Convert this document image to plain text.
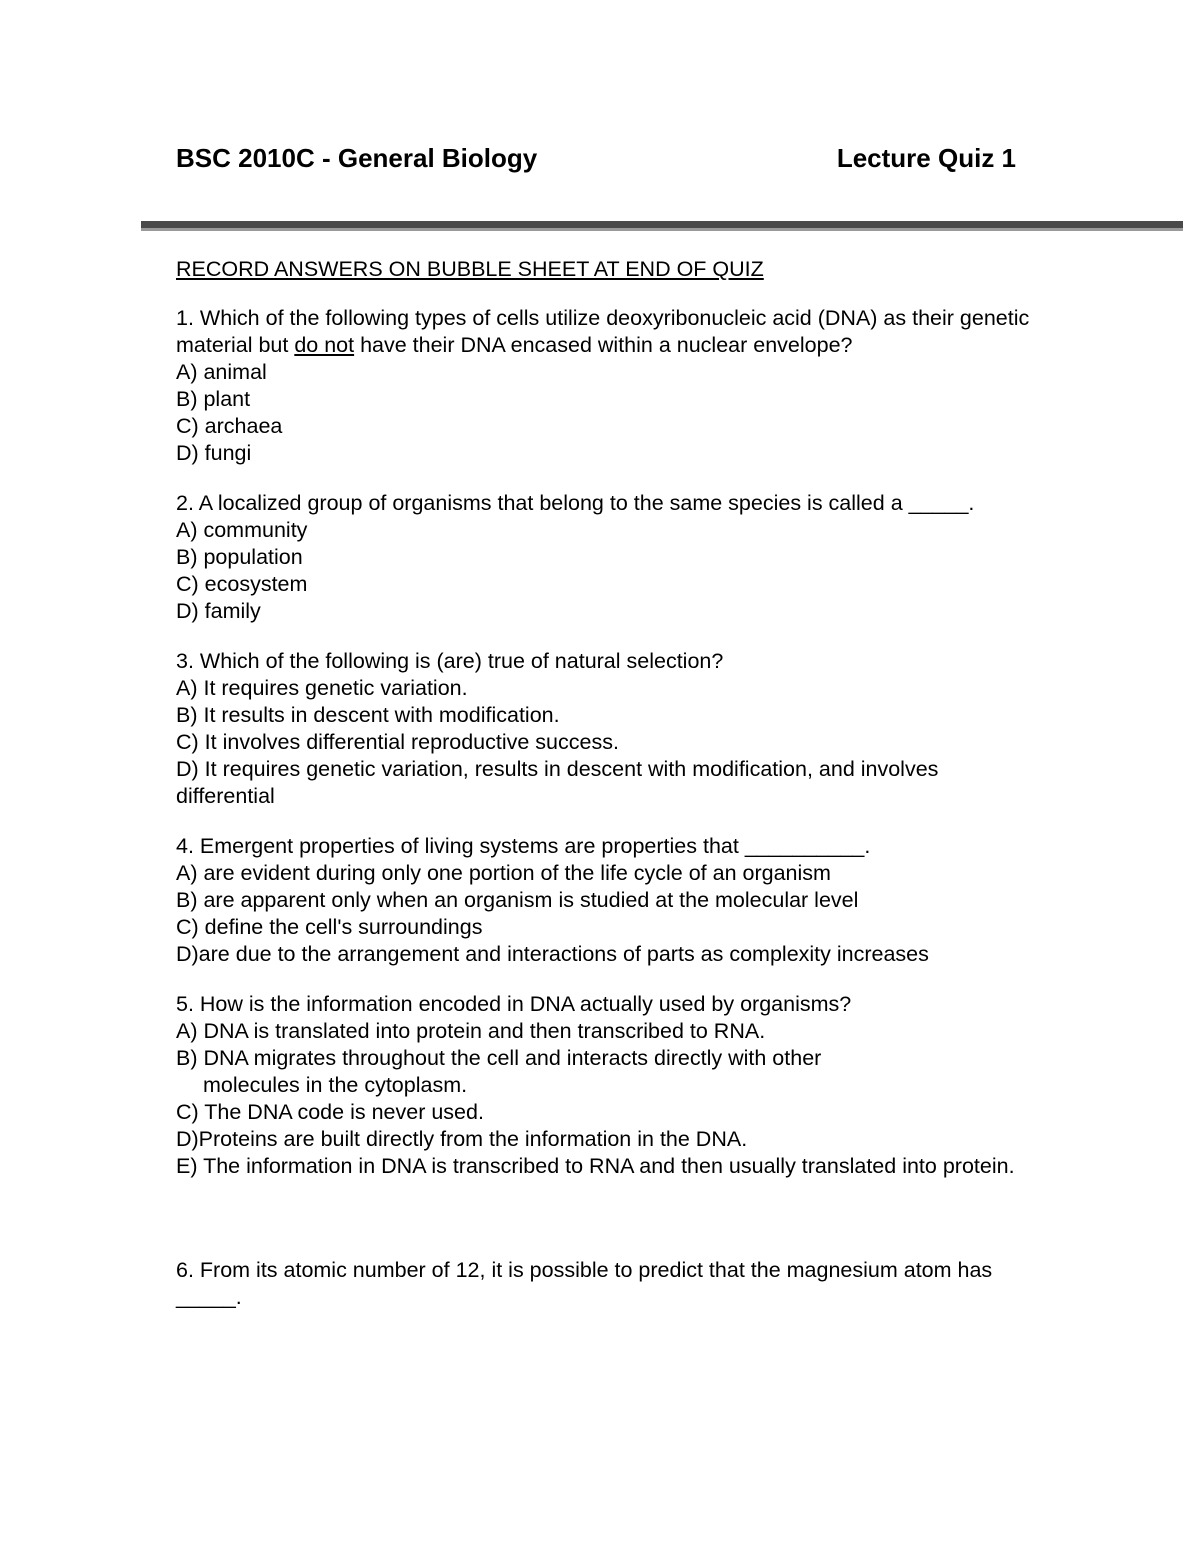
BSC 2010C - General Biology	Lecture Quiz 1
RECORD ANSWERS ON BUBBLE SHEET AT END OF QUIZ

1. Which of the following types of cells utilize deoxyribonucleic acid (DNA) as their genetic material but do not have their DNA encased within a nuclear envelope?

A) animal

B) plant

C) archaea

D) fungi

2. A localized group of organisms that belong to the same species is called a _____.

A) community

B) population

C) ecosystem

D) family

3. Which of the following is (are) true of natural selection?

A) It requires genetic variation.

B) It results in descent with modification.

C) It involves differential reproductive success.

D) It requires genetic variation, results in descent with modification, and involves differential

4. Emergent properties of living systems are properties that __________.

A) are evident during only one portion of the life cycle of an organism

B) are apparent only when an organism is studied at the molecular level

C) define the cell's surroundings

D)are due to the arrangement and interactions of parts as complexity increases

5. How is the information encoded in DNA actually used by organisms?

A) DNA is translated into protein and then transcribed to RNA.

B) DNA migrates throughout the cell and interacts directly with other

molecules in the cytoplasm.

C) The DNA code is never used.

D)Proteins are built directly from the information in the DNA.

E) The information in DNA is transcribed to RNA and then usually translated into protein.

6. From its atomic number of 12, it is possible to predict that the magnesium atom has _____.
